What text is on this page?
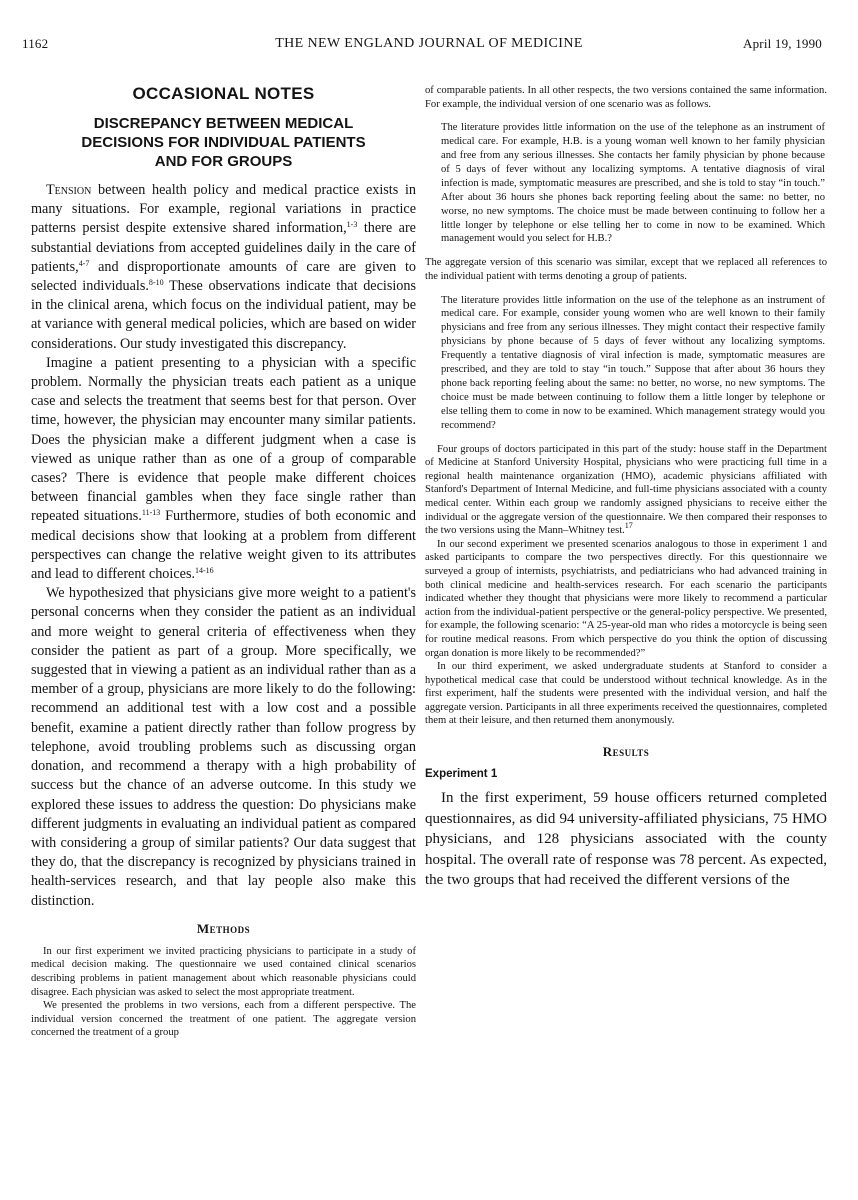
1162	THE NEW ENGLAND JOURNAL OF MEDICINE	April 19, 1990
OCCASIONAL NOTES
DISCREPANCY BETWEEN MEDICAL
DECISIONS FOR INDIVIDUAL PATIENTS
AND FOR GROUPS

Tension between health policy and medical practice exists in many situations. For example, regional variations in practice patterns persist despite extensive shared information,$^{1-3}$ there are substantial deviations from accepted guidelines daily in the care of patients,$^{4-7}$ and disproportionate amounts of care are given to selected individuals.$^{8-10}$ These observations indicate that decisions in the clinical arena, which focus on the individual patient, may be at variance with general medical policies, which are based on wider considerations. Our study investigated this discrepancy.

Imagine a patient presenting to a physician with a specific problem. Normally the physician treats each patient as a unique case and selects the treatment that seems best for that person. Over time, however, the physician may encounter many similar patients. Does the physician make a different judgment when a case is viewed as unique rather than as one of a group of comparable cases? There is evidence that people make different choices between financial gambles when they face single rather than repeated situations.$^{11-13}$ Furthermore, studies of both economic and medical decisions show that looking at a problem from different perspectives can change the relative weight given to its attributes and lead to different choices.$^{14-16}$

We hypothesized that physicians give more weight to a patient's personal concerns when they consider the patient as an individual and more weight to general criteria of effectiveness when they consider the patient as part of a group. More specifically, we suggested that in viewing a patient as an individual rather than as a member of a group, physicians are more likely to do the following: recommend an additional test with a low cost and a possible benefit, examine a patient directly rather than follow progress by telephone, avoid troubling problems such as discussing organ donation, and recommend a therapy with a high probability of success but the chance of an adverse outcome. In this study we explored these issues to address the question: Do physicians make different judgments in evaluating an individual patient as compared with considering a group of similar patients? Our data suggest that they do, that the discrepancy is recognized by physicians trained in health-services research, and that lay people also make this distinction.

Methods

In our first experiment we invited practicing physicians to participate in a study of medical decision making. The questionnaire we used contained clinical scenarios describing problems in patient management about which reasonable physicians could disagree. Each physician was asked to select the most appropriate treatment.

We presented the problems in two versions, each from a different perspective. The individual version concerned the treatment of one patient. The aggregate version concerned the treatment of a group

of comparable patients. In all other respects, the two versions contained the same information. For example, the individual version of one scenario was as follows.

The literature provides little information on the use of the telephone as an instrument of medical care. For example, H.B. is a young woman well known to her family physician and free from any serious illnesses. She contacts her family physician by phone because of 5 days of fever without any localizing symptoms. A tentative diagnosis of viral infection is made, symptomatic measures are prescribed, and she is told to stay “in touch.” After about 36 hours she phones back reporting feeling about the same: no better, no worse, no new symptoms. The choice must be made between continuing to follow her a little longer by telephone or else telling her to come in now to be examined. Which management would you select for H.B.?

The aggregate version of this scenario was similar, except that we replaced all references to the individual patient with terms denoting a group of patients.

The literature provides little information on the use of the telephone as an instrument of medical care. For example, consider young women who are well known to their family physicians and free from any serious illnesses. They might contact their respective family physicians by phone because of 5 days of fever without any localizing symptoms. Frequently a tentative diagnosis of viral infection is made, symptomatic measures are prescribed, and they are told to stay “in touch.” Suppose that after about 36 hours they phone back reporting feeling about the same: no better, no worse, no new symptoms. The choice must be made between continuing to follow them a little longer by telephone or else telling them to come in now to be examined. Which management strategy would you recommend?

Four groups of doctors participated in this part of the study: house staff in the Department of Medicine at Stanford University Hospital, physicians who were practicing full time in a regional health maintenance organization (HMO), academic physicians affiliated with Stanford's Department of Internal Medicine, and full-time physicians associated with a county medical center. Within each group we randomly assigned physicians to receive either the individual or the aggregate version of the questionnaire. We then compared their responses to the two versions using the Mann–Whitney test.$^{17}$

In our second experiment we presented scenarios analogous to those in experiment 1 and asked participants to compare the two perspectives directly. For this questionnaire we surveyed a group of internists, psychiatrists, and pediatricians who had advanced training in both clinical medicine and health-services research. For each scenario the participants indicated whether they thought that physicians were more likely to recommend a particular action from the individual-patient perspective or the general-policy perspective. We presented, for example, the following scenario: “A 25-year-old man who rides a motorcycle is being seen for routine medical reasons. From which perspective do you think the option of discussing organ donation is more likely to be recommended?”

In our third experiment, we asked undergraduate students at Stanford to consider a hypothetical medical case that could be understood without technical knowledge. As in the first experiment, half the students were presented with the individual version, and half the aggregate version. Participants in all three experiments received the questionnaires, completed them at their leisure, and then returned them anonymously.

Results
Experiment 1

In the first experiment, 59 house officers returned completed questionnaires, as did 94 university-affiliated physicians, 75 HMO physicians, and 128 physicians associated with the county hospital. The overall rate of response was 78 percent. As expected, the two groups that had received the different versions of the
